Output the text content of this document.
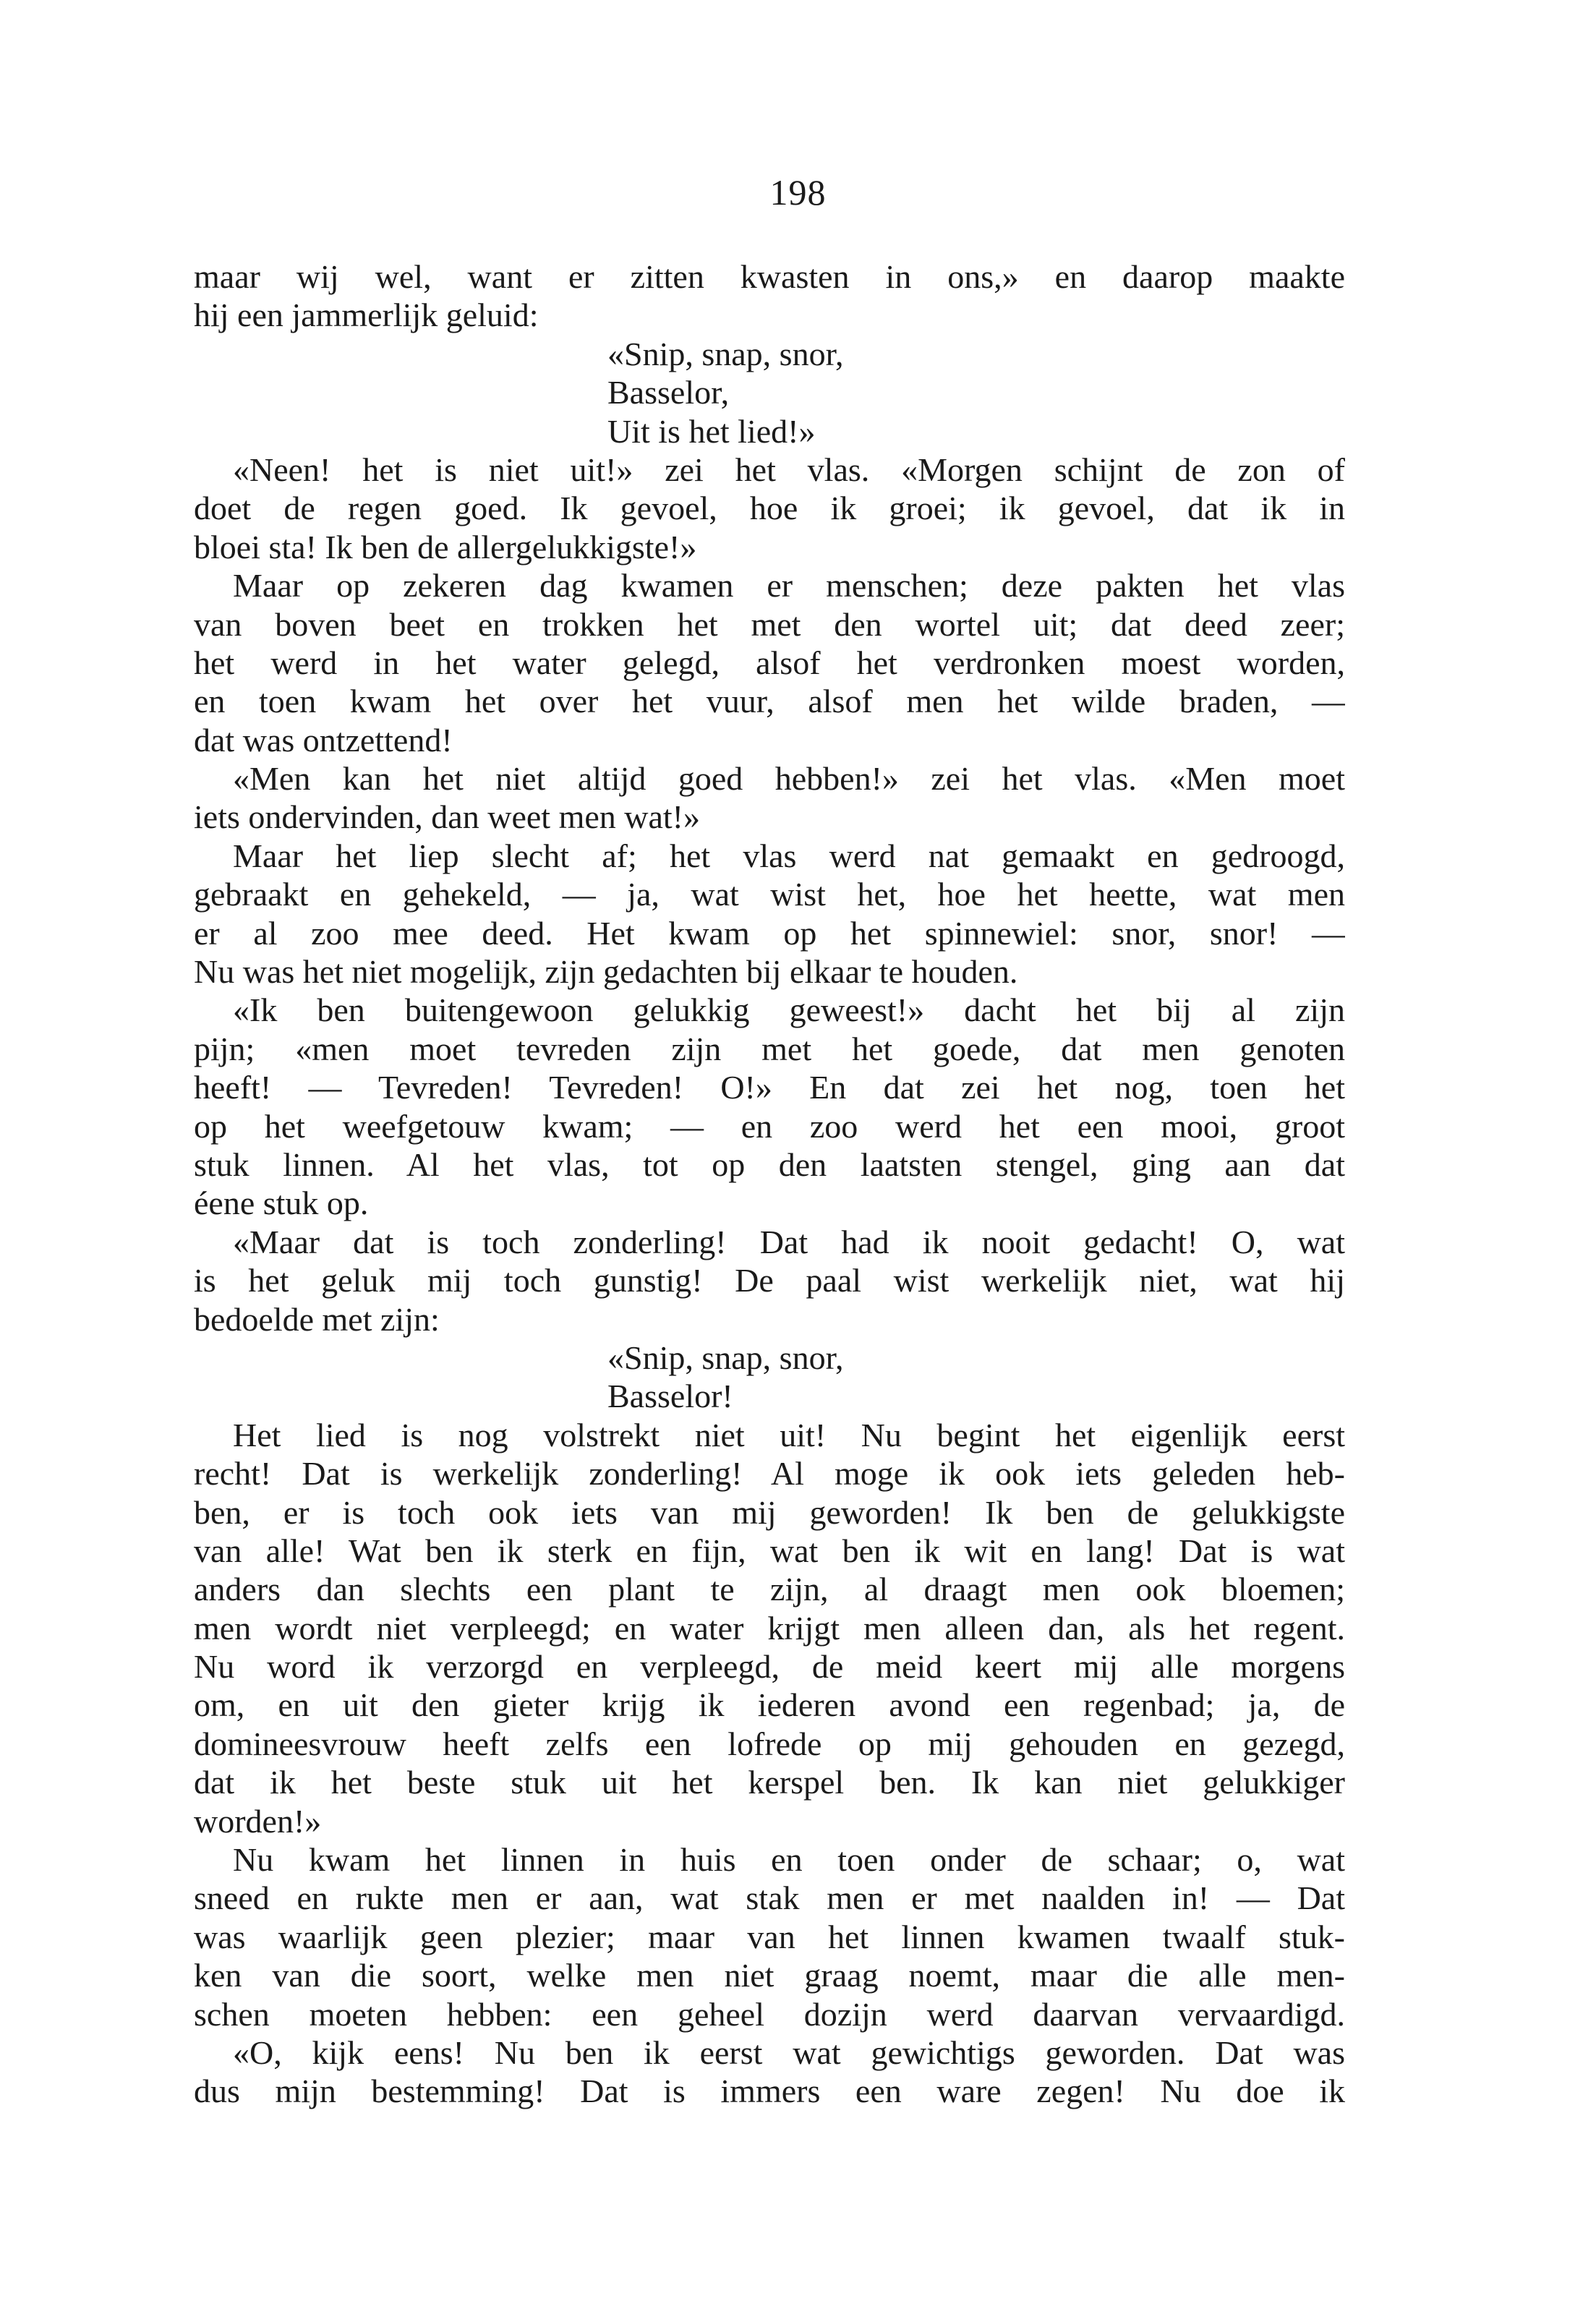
198
maar wij wel, want er zitten kwasten in ons,» en daarop maakte
hij een jammerlijk geluid:
«Snip, snap, snor,
Basselor,
Uit is het lied!»
«Neen! het is niet uit!» zei het vlas. «Morgen schijnt de zon of
doet de regen goed. Ik gevoel, hoe ik groei; ik gevoel, dat ik in
bloei sta! Ik ben de allergelukkigste!»
Maar op zekeren dag kwamen er menschen; deze pakten het vlas
van boven beet en trokken het met den wortel uit; dat deed zeer;
het werd in het water gelegd, alsof het verdronken moest worden,
en toen kwam het over het vuur, alsof men het wilde braden, —
dat was ontzettend!
«Men kan het niet altijd goed hebben!» zei het vlas. «Men moet
iets ondervinden, dan weet men wat!»
Maar het liep slecht af; het vlas werd nat gemaakt en gedroogd,
gebraakt en gehekeld, — ja, wat wist het, hoe het heette, wat men
er al zoo mee deed. Het kwam op het spinnewiel: snor, snor! —
Nu was het niet mogelijk, zijn gedachten bij elkaar te houden.
«Ik ben buitengewoon gelukkig geweest!» dacht het bij al zijn
pijn; «men moet tevreden zijn met het goede, dat men genoten
heeft! — Tevreden! Tevreden! O!» En dat zei het nog, toen het
op het weefgetouw kwam; — en zoo werd het een mooi, groot
stuk linnen. Al het vlas, tot op den laatsten stengel, ging aan dat
éene stuk op.
«Maar dat is toch zonderling! Dat had ik nooit gedacht! O, wat
is het geluk mij toch gunstig! De paal wist werkelijk niet, wat hij
bedoelde met zijn:
«Snip, snap, snor,
Basselor!
Het lied is nog volstrekt niet uit! Nu begint het eigenlijk eerst
recht! Dat is werkelijk zonderling! Al moge ik ook iets geleden heb-
ben, er is toch ook iets van mij geworden! Ik ben de gelukkigste
van alle! Wat ben ik sterk en fijn, wat ben ik wit en lang! Dat is wat
anders dan slechts een plant te zijn, al draagt men ook bloemen;
men wordt niet verpleegd; en water krijgt men alleen dan, als het regent.
Nu word ik verzorgd en verpleegd, de meid keert mij alle morgens
om, en uit den gieter krijg ik iederen avond een regenbad; ja, de
domineesvrouw heeft zelfs een lofrede op mij gehouden en gezegd,
dat ik het beste stuk uit het kerspel ben. Ik kan niet gelukkiger
worden!»
Nu kwam het linnen in huis en toen onder de schaar; o, wat
sneed en rukte men er aan, wat stak men er met naalden in! — Dat
was waarlijk geen plezier; maar van het linnen kwamen twaalf stuk-
ken van die soort, welke men niet graag noemt, maar die alle men-
schen moeten hebben: een geheel dozijn werd daarvan vervaardigd.
«O, kijk eens! Nu ben ik eerst wat gewichtigs geworden. Dat was
dus mijn bestemming! Dat is immers een ware zegen! Nu doe ik
